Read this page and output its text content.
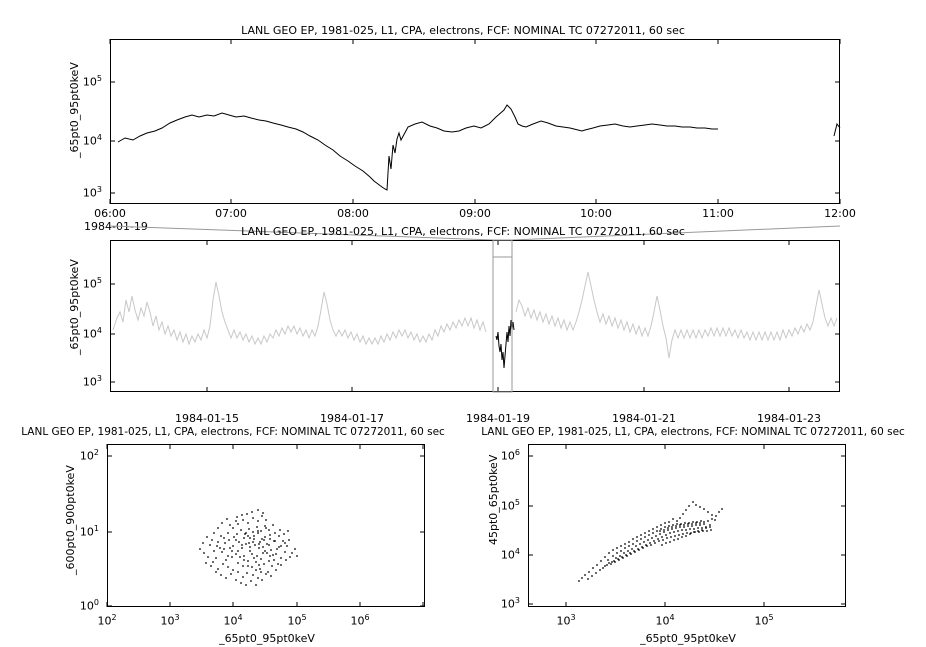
LANL GEO EP, 1981-025, L1, CPA, electrons, FCF: NOMINAL TC 07272011, 60 sec
_65pt0_95pt0keV $10^5$
$10^4$
$10^3$
06:00	07:00	08:00	09:00	10:00	11:00	12:00
1984-01-19	LANL GEO EP, 1981-025, L1, CPA, electrons, FCF: NOMINAL TC 07272011, 60 sec
_65pt0_95pt0keV $10^5$
$10^4$
$10^3$
1984-01-15	1984-01-17	1984-01-19	1984-01-21	1984-01-23
LANL GEO EP, 1981-025, L1, CPA, electrons, FCF: NOMINAL TC 07272011, 60 sec
_600pt0_900pt0keV
_65pt0_95pt0keV
$10^2$
$10^1$
$10^0$
$10^2$	$10^3$	$10^4$	$10^5$	$10^6$
LANL GEO EP, 1981-025, L1, CPA, electrons, FCF: NOMINAL TC 07272011, 60 sec
45pt0_65pt0keV
_65pt0_95pt0keV
$10^6$
$10^5$
$10^4$
$10^3$
$10^3$	$10^4$	$10^5$
